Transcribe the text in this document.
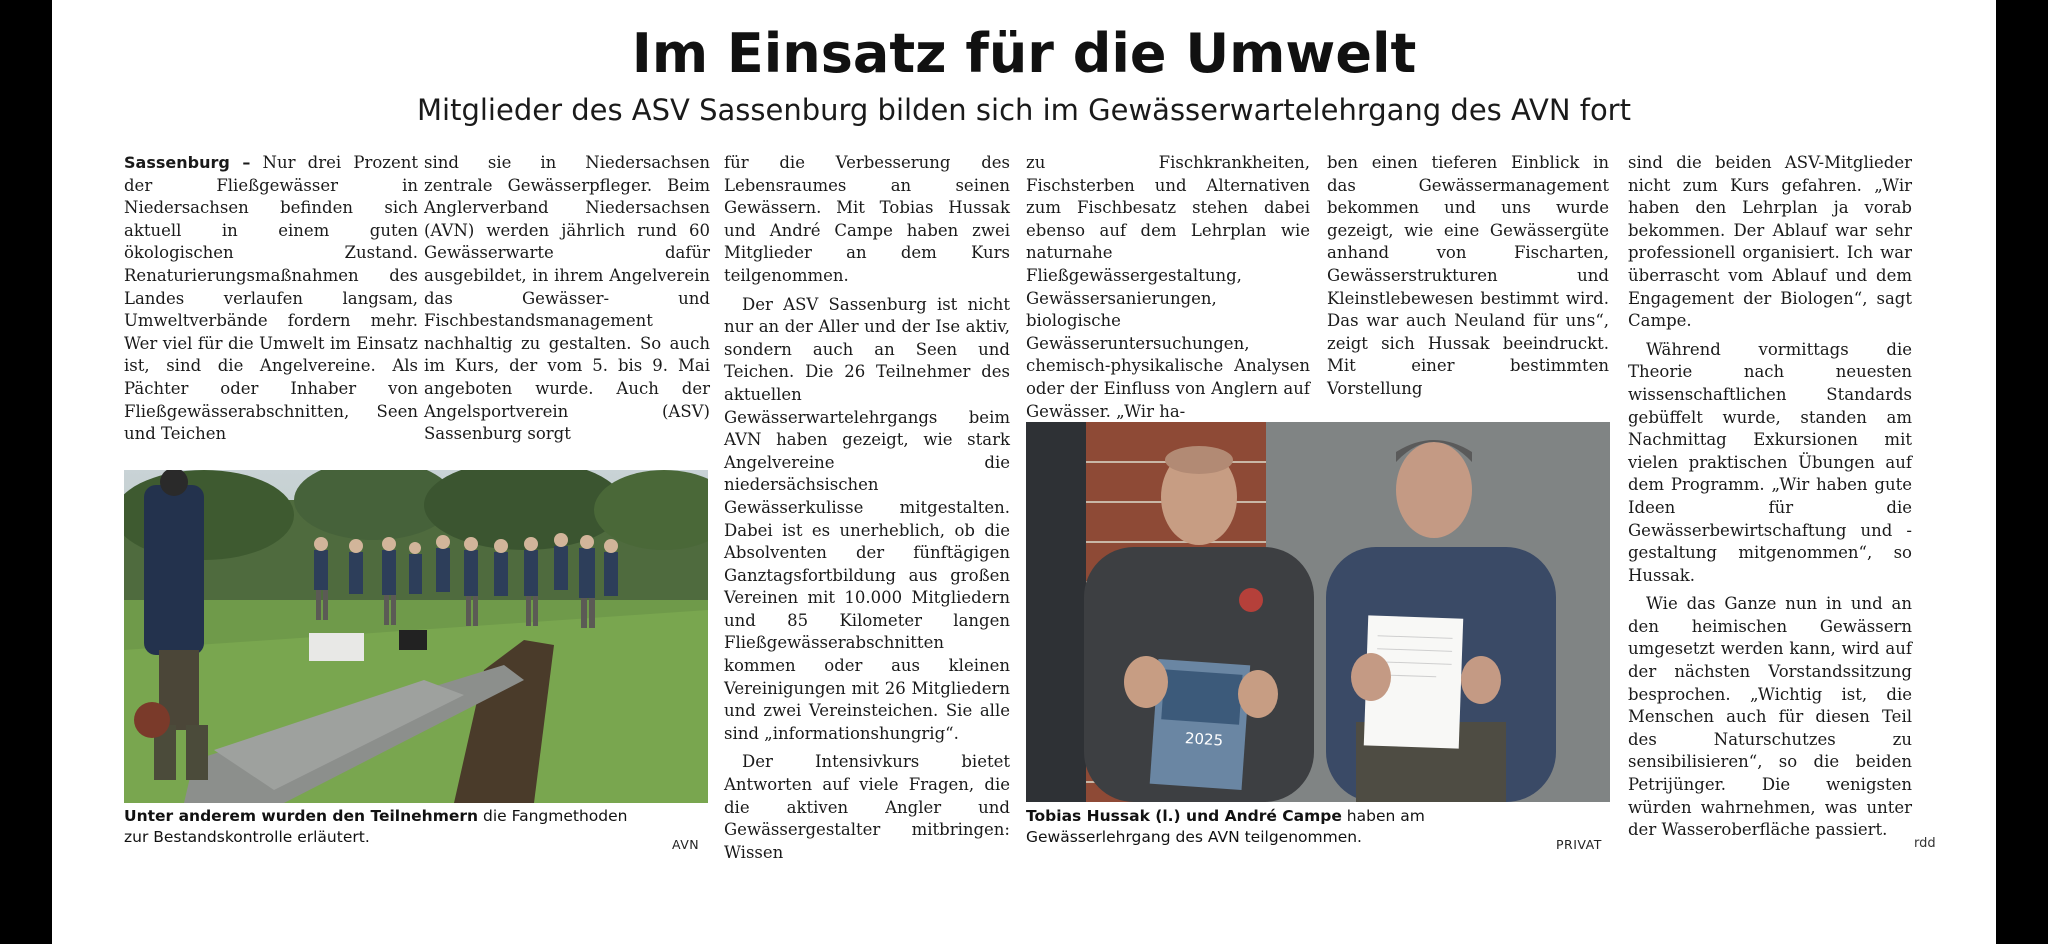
Im Einsatz für die Umwelt
Mitglieder des ASV Sassenburg bilden sich im Gewässerwartelehrgang des AVN fort

Sassenburg – Nur drei Prozent der Fließgewässer in Niedersachsen befinden sich aktuell in einem guten ökologischen Zustand. Renaturierungsmaßnahmen des Landes verlaufen langsam, Umweltverbände fordern mehr. Wer viel für die Umwelt im Einsatz ist, sind die Angelvereine. Als Pächter oder Inhaber von Fließgewässerabschnitten, Seen und Teichen

sind sie in Niedersachsen zentrale Gewässerpfleger. Beim Anglerverband Niedersachsen (AVN) werden jährlich rund 60 Gewässerwarte dafür ausgebildet, in ihrem Angelverein das Gewässer- und Fischbestandsmanagement nachhaltig zu gestalten. So auch im Kurs, der vom 5. bis 9. Mai angeboten wurde. Auch der Angelsportverein (ASV) Sassenburg sorgt

Unter anderem wurden den Teilnehmern die Fangmethoden zur Bestandskontrolle erläutert.	AVN

für die Verbesserung des Lebensraumes an seinen Gewässern. Mit Tobias Hussak und André Campe haben zwei Mitglieder an dem Kurs teilgenommen.

Der ASV Sassenburg ist nicht nur an der Aller und der Ise aktiv, sondern auch an Seen und Teichen. Die 26 Teilnehmer des aktuellen Gewässerwartelehrgangs beim AVN haben gezeigt, wie stark Angelvereine die niedersächsischen Gewässerkulisse mitgestalten. Dabei ist es unerheblich, ob die Absolventen der fünftägigen Ganztagsfortbildung aus großen Vereinen mit 10.000 Mitgliedern und 85 Kilometer langen Fließgewässerabschnitten kommen oder aus kleinen Vereinigungen mit 26 Mitgliedern und zwei Vereinsteichen. Sie alle sind „informationshungrig“.

Der Intensivkurs bietet Antworten auf viele Fragen, die die aktiven Angler und Gewässergestalter mitbringen: Wissen

zu Fischkrankheiten, Fischsterben und Alternativen zum Fischbesatz stehen dabei ebenso auf dem Lehrplan wie naturnahe Fließgewässergestaltung, Gewässersanierungen, biologische Gewässeruntersuchungen, chemisch-physikalische Analysen oder der Einfluss von Anglern auf Gewässer. „Wir ha-

ben einen tieferen Einblick in das Gewässermanagement bekommen und uns wurde gezeigt, wie eine Gewässergüte anhand von Fischarten, Gewässerstrukturen und Kleinstlebewesen bestimmt wird. Das war auch Neuland für uns“, zeigt sich Hussak beeindruckt. Mit einer bestimmten Vorstellung

2025
Tobias Hussak (l.) und André Campe haben am Gewässerlehrgang des AVN teilgenommen.	PRIVAT

sind die beiden ASV-Mitglieder nicht zum Kurs gefahren. „Wir haben den Lehrplan ja vorab bekommen. Der Ablauf war sehr professionell organisiert. Ich war überrascht vom Ablauf und dem Engagement der Biologen“, sagt Campe.

Während vormittags die Theorie nach neuesten wissenschaftlichen Standards gebüffelt wurde, standen am Nachmittag Exkursionen mit vielen praktischen Übungen auf dem Programm. „Wir haben gute Ideen für die Gewässerbewirtschaftung und -gestaltung mitgenommen“, so Hussak.

Wie das Ganze nun in und an den heimischen Gewässern umgesetzt werden kann, wird auf der nächsten Vorstandssitzung besprochen. „Wichtig ist, die Menschen auch für diesen Teil des Naturschutzes zu sensibilisieren“, so die beiden Petrijünger. Die wenigsten würden wahrnehmen, was unter der Wasseroberfläche passiert.

rdd
